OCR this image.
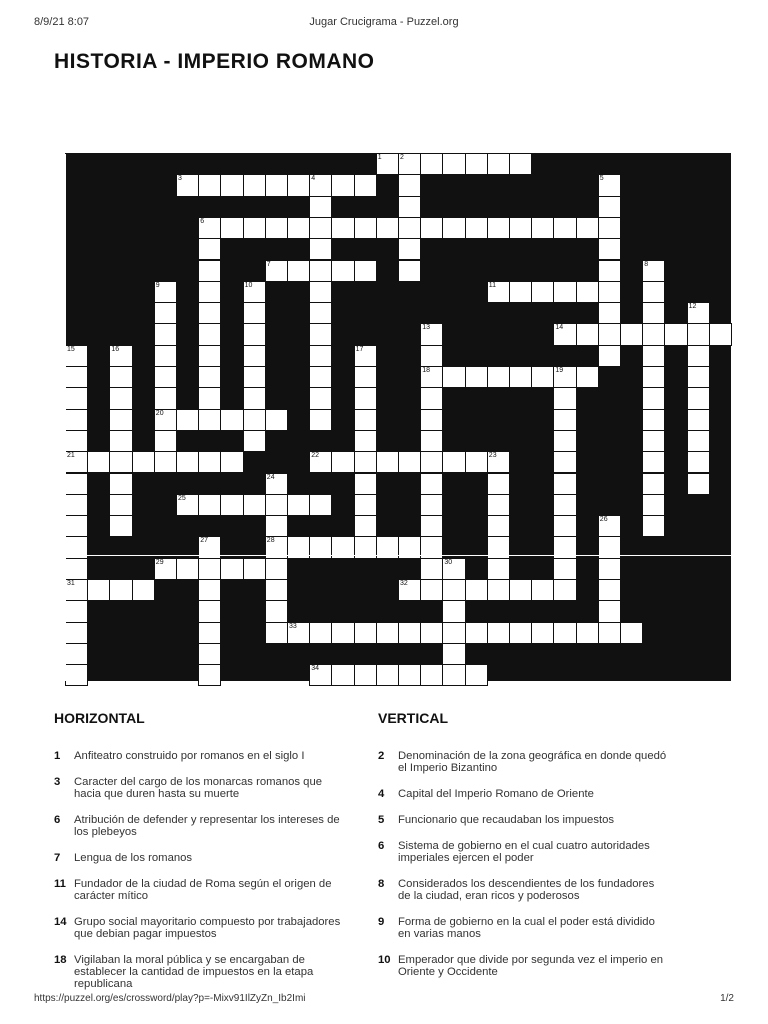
8/9/21 8:07	Jugar Crucigrama - Puzzel.org
HISTORIA - IMPERIO ROMANO
1	2
3	4	5
6
7	8
9
20
10	11
12
13
18
14
15
21
31
16	17
19
22	23
24
28
25
26
27
29	30
32
33
34
HORIZONTAL	VERTICAL
1 Anfiteatro construido por romanos en el siglo I
3 Caracter del cargo de los monarcas romanos que hacia que duren hasta su muerte
6 Atribución de defender y representar los intereses de los plebeyos
7 Lengua de los romanos
11 Fundador de la ciudad de Roma según el origen de carácter mítico
14 Grupo social mayoritario compuesto por trabajadores que debian pagar impuestos
18 Vigilaban la moral pública y se encargaban de establecer la cantidad de impuestos en la etapa republicana
2 Denominación de la zona geográfica en donde quedó el Imperio Bizantino
4 Capital del Imperio Romano de Oriente
5 Funcionario que recaudaban los impuestos
6 Sistema de gobierno en el cual cuatro autoridades imperiales ejercen el poder
8 Considerados los descendientes de los fundadores de la ciudad, eran ricos y poderosos
9 Forma de gobierno en la cual el poder está dividido en varias manos
10 Emperador que divide por segunda vez el imperio en Oriente y Occidente
https://puzzel.org/es/crossword/play?p=-Mixv91IlZyZn_Ib2Imi	1/2
